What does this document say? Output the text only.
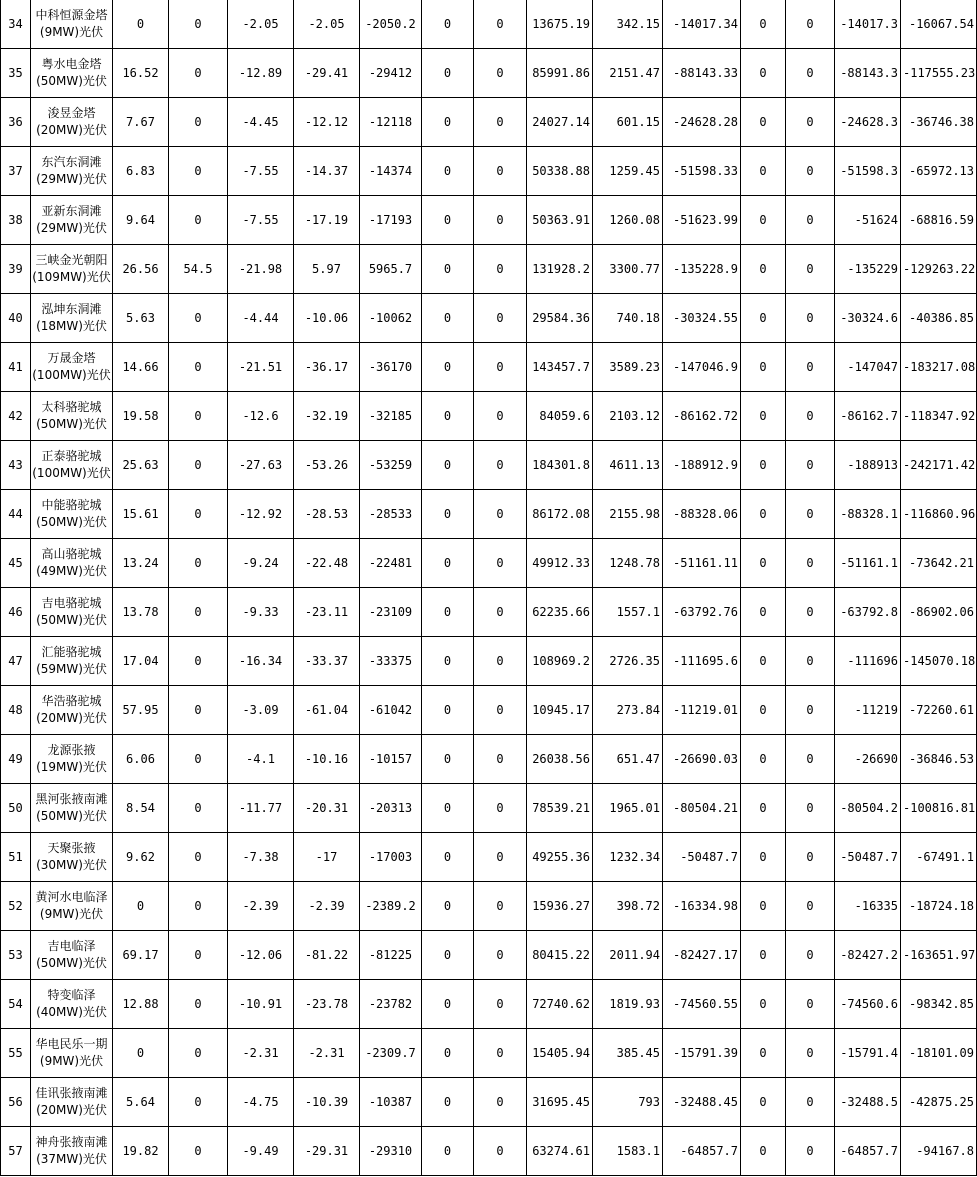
34	中科恒源金塔
(9MW)光伏	0	0	-2.05	-2.05	-2050.2	0	0	13675.19	342.15	-14017.34	0	0	-14017.3	-16067.54
35	粤水电金塔
(50MW)光伏	16.52	0	-12.89	-29.41	-29412	0	0	85991.86	2151.47	-88143.33	0	0	-88143.3	-117555.23
36	浚昱金塔
(20MW)光伏	7.67	0	-4.45	-12.12	-12118	0	0	24027.14	601.15	-24628.28	0	0	-24628.3	-36746.38
37	东汽东洞滩
(29MW)光伏	6.83	0	-7.55	-14.37	-14374	0	0	50338.88	1259.45	-51598.33	0	0	-51598.3	-65972.13
38	亚新东洞滩
(29MW)光伏	9.64	0	-7.55	-17.19	-17193	0	0	50363.91	1260.08	-51623.99	0	0	-51624	-68816.59
39	三峡金光朝阳
(109MW)光伏	26.56	54.5	-21.98	5.97	5965.7	0	0	131928.2	3300.77	-135228.9	0	0	-135229	-129263.22
40	泓坤东洞滩
(18MW)光伏	5.63	0	-4.44	-10.06	-10062	0	0	29584.36	740.18	-30324.55	0	0	-30324.6	-40386.85
41	万晟金塔
(100MW)光伏	14.66	0	-21.51	-36.17	-36170	0	0	143457.7	3589.23	-147046.9	0	0	-147047	-183217.08
42	太科骆驼城
(50MW)光伏	19.58	0	-12.6	-32.19	-32185	0	0	84059.6	2103.12	-86162.72	0	0	-86162.7	-118347.92
43	正泰骆驼城
(100MW)光伏	25.63	0	-27.63	-53.26	-53259	0	0	184301.8	4611.13	-188912.9	0	0	-188913	-242171.42
44	中能骆驼城
(50MW)光伏	15.61	0	-12.92	-28.53	-28533	0	0	86172.08	2155.98	-88328.06	0	0	-88328.1	-116860.96
45	高山骆驼城
(49MW)光伏	13.24	0	-9.24	-22.48	-22481	0	0	49912.33	1248.78	-51161.11	0	0	-51161.1	-73642.21
46	吉电骆驼城
(50MW)光伏	13.78	0	-9.33	-23.11	-23109	0	0	62235.66	1557.1	-63792.76	0	0	-63792.8	-86902.06
47	汇能骆驼城
(59MW)光伏	17.04	0	-16.34	-33.37	-33375	0	0	108969.2	2726.35	-111695.6	0	0	-111696	-145070.18
48	华浩骆驼城
(20MW)光伏	57.95	0	-3.09	-61.04	-61042	0	0	10945.17	273.84	-11219.01	0	0	-11219	-72260.61
49	龙源张掖
(19MW)光伏	6.06	0	-4.1	-10.16	-10157	0	0	26038.56	651.47	-26690.03	0	0	-26690	-36846.53
50	黑河张掖南滩
(50MW)光伏	8.54	0	-11.77	-20.31	-20313	0	0	78539.21	1965.01	-80504.21	0	0	-80504.2	-100816.81
51	天聚张掖
(30MW)光伏	9.62	0	-7.38	-17	-17003	0	0	49255.36	1232.34	-50487.7	0	0	-50487.7	-67491.1
52	黄河水电临泽
(9MW)光伏	0	0	-2.39	-2.39	-2389.2	0	0	15936.27	398.72	-16334.98	0	0	-16335	-18724.18
53	吉电临泽
(50MW)光伏	69.17	0	-12.06	-81.22	-81225	0	0	80415.22	2011.94	-82427.17	0	0	-82427.2	-163651.97
54	特变临泽
(40MW)光伏	12.88	0	-10.91	-23.78	-23782	0	0	72740.62	1819.93	-74560.55	0	0	-74560.6	-98342.85
55	华电民乐一期
(9MW)光伏	0	0	-2.31	-2.31	-2309.7	0	0	15405.94	385.45	-15791.39	0	0	-15791.4	-18101.09
56	佳讯张掖南滩
(20MW)光伏	5.64	0	-4.75	-10.39	-10387	0	0	31695.45	793	-32488.45	0	0	-32488.5	-42875.25
57	神舟张掖南滩
(37MW)光伏	19.82	0	-9.49	-29.31	-29310	0	0	63274.61	1583.1	-64857.7	0	0	-64857.7	-94167.8
